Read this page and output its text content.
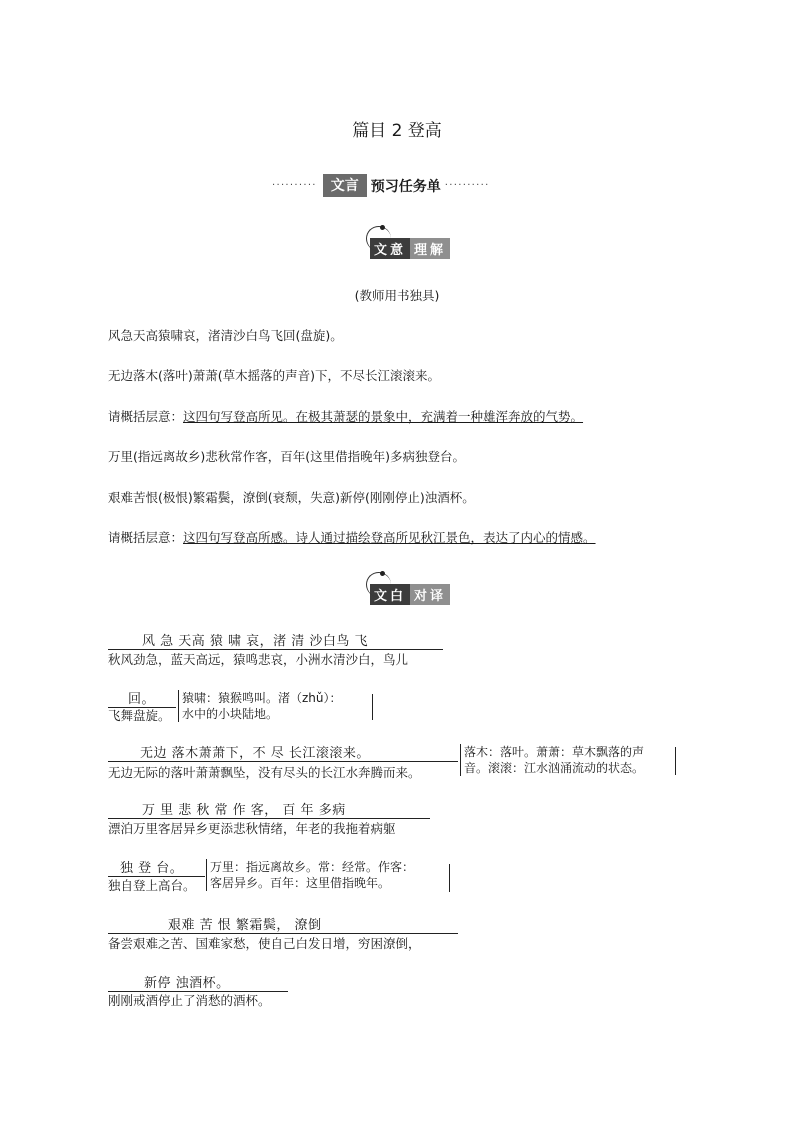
篇目 2 登高
··········	文言 预习任务单 ··········
文意 理解
(教师用书独具)
风急天高猿啸哀，渚清沙白鸟飞回(盘旋)。
无边落木(落叶)萧萧(草木摇落的声音)下，不尽长江滚滚来。
请概括层意：这四句写登高所见。在极其萧瑟的景象中，充满着一种雄浑奔放的气势。
万里(指远离故乡)悲秋常作客，百年(这里借指晚年)多病独登台。
艰难苦恨(极恨)繁霜鬓，潦倒(衰颓，失意)新停(刚刚停止)浊酒杯。
请概括层意：这四句写登高所感。诗人通过描绘登高所见秋江景色，表达了内心的情感。
文白 对译
风 急 天高 猿 啸 哀，渚 清 沙白鸟 飞
秋风劲急，蓝天高远，猿鸣悲哀，小洲水清沙白，鸟儿
回。
飞舞盘旋。
猿啸：猿猴鸣叫。渚（zhǔ）：
水中的小块陆地。
无边 落木萧萧下，不 尽 长江滚滚来。
无边无际的落叶萧萧飘坠，没有尽头的长江水奔腾而来。
落木：落叶。萧萧：草木飘落的声
音。滚滚：江水汹涌流动的状态。
万 里 悲 秋 常 作 客， 百 年 多病
漂泊万里客居异乡更添悲秋情绪，年老的我拖着病躯
独 登 台。
独自登上高台。
万里：指远离故乡。常：经常。作客：
客居异乡。百年：这里借指晚年。
艰难 苦 恨 繁霜鬓， 潦倒
备尝艰难之苦、国难家愁，使自己白发日增，穷困潦倒，
新停 浊酒杯。
刚刚戒酒停止了消愁的酒杯。
